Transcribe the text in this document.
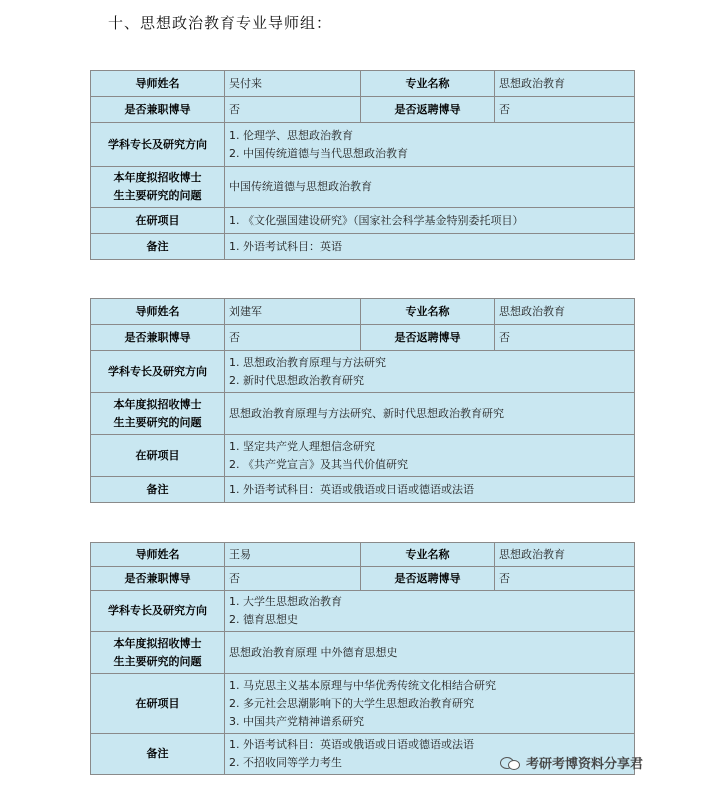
十、思想政治教育专业导师组：
导师姓名	吴付来	专业名称	思想政治教育
是否兼职博导	否	是否返聘博导	否
学科专长及研究方向	1. 伦理学、思想政治教育
2. 中国传统道德与当代思想政治教育		

本年度拟招收博士
生主要研究的问题	中国传统道德与思想政治教育		
在研项目	1. 《文化强国建设研究》（国家社会科学基金特别委托项目）		

备注	1. 外语考试科目：英语		
导师姓名	刘建军	专业名称	思想政治教育
是否兼职博导	否	是否返聘博导	否
学科专长及研究方向	1. 思想政治教育原理与方法研究
2. 新时代思想政治教育研究		

本年度拟招收博士
生主要研究的问题	思想政治教育原理与方法研究、新时代思想政治教育研究		
在研项目	1. 坚定共产党人理想信念研究
2. 《共产党宣言》及其当代价值研究		

备注	1. 外语考试科目：英语或俄语或日语或德语或法语		
导师姓名	王易	专业名称	思想政治教育
是否兼职博导	否	是否返聘博导	否
学科专长及研究方向	1. 大学生思想政治教育
2. 德育思想史		

本年度拟招收博士
生主要研究的问题	思想政治教育原理 中外德育思想史		
在研项目	1. 马克思主义基本原理与中华优秀传统文化相结合研究
2. 多元社会思潮影响下的大学生思想政治教育研究
3. 中国共产党精神谱系研究		

备注	1. 外语考试科目：英语或俄语或日语或德语或法语
2. 不招收同等学力考生			考研考博资料分享君
